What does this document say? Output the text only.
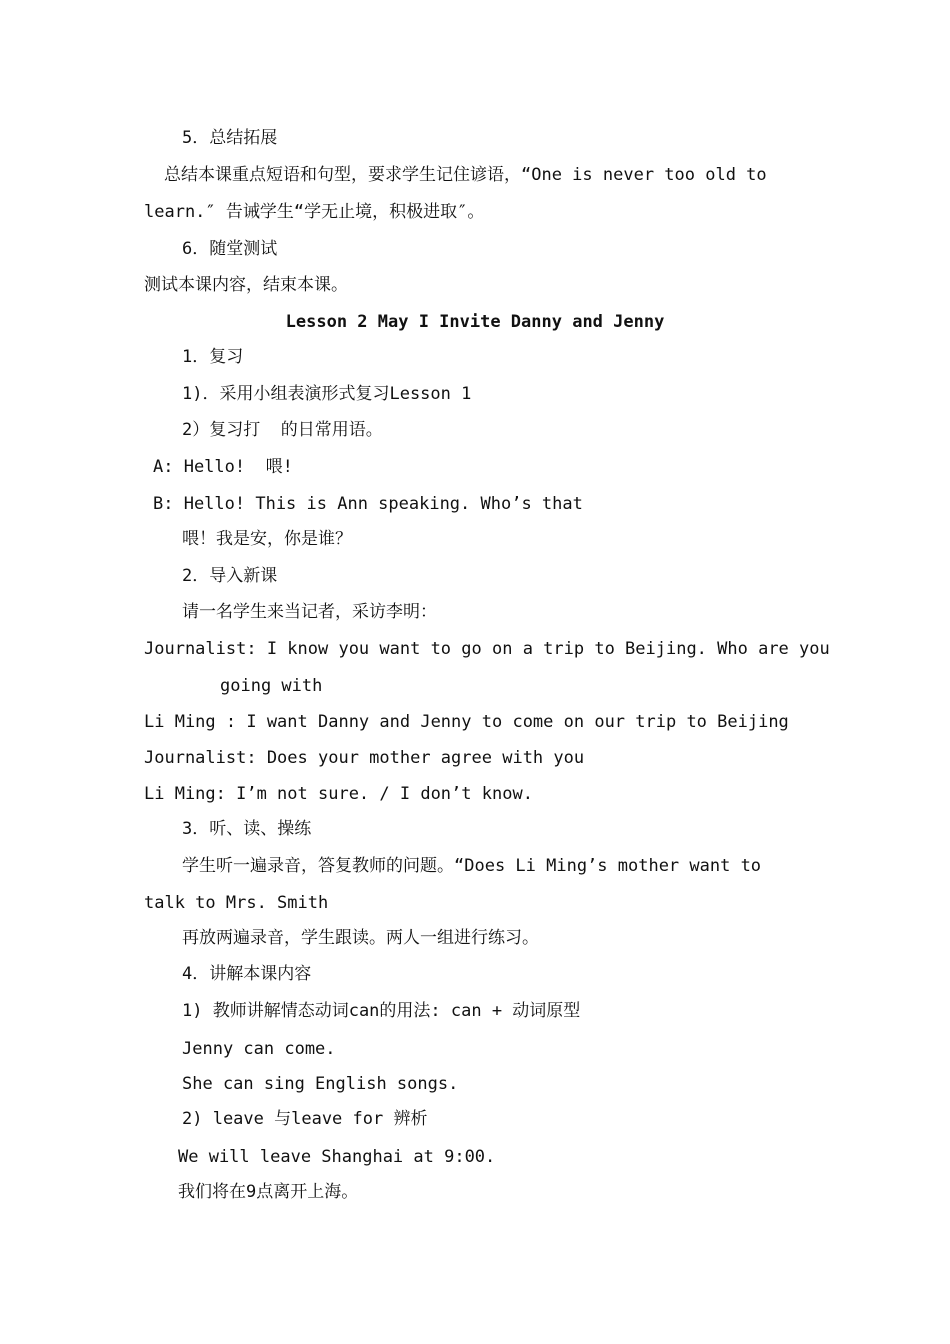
5．总结拓展
总结本课重点短语和句型，要求学生记住谚语，“One is never too old to
learn.″ 告诫学生“学无止境，积极进取″。
6．随堂测试
测试本课内容，结束本课。
Lesson 2 May I Invite Danny and Jenny
1．复习
1)．采用小组表演形式复习Lesson 1
2）复习打  的日常用语。
A: Hello!  喂!
B: Hello! This is Ann speaking. Who’s that
喂！我是安，你是谁？
2．导入新课
请一名学生来当记者，采访李明：
Journalist: I know you want to go on a trip to Beijing. Who are you
going with
Li Ming : I want Danny and Jenny to come on our trip to Beijing
Journalist: Does your mother agree with you
Li Ming: I’m not sure. / I don’t know.
3．听、读、操练
学生听一遍录音，答复教师的问题。“Does Li Ming’s mother want to
talk to Mrs. Smith
再放两遍录音，学生跟读。两人一组进行练习。
4．讲解本课内容
1) 教师讲解情态动词can的用法: can + 动词原型
Jenny can come.
She can sing English songs.
2) leave 与leave for 辨析
We will leave Shanghai at 9:00.
我们将在9点离开上海。
